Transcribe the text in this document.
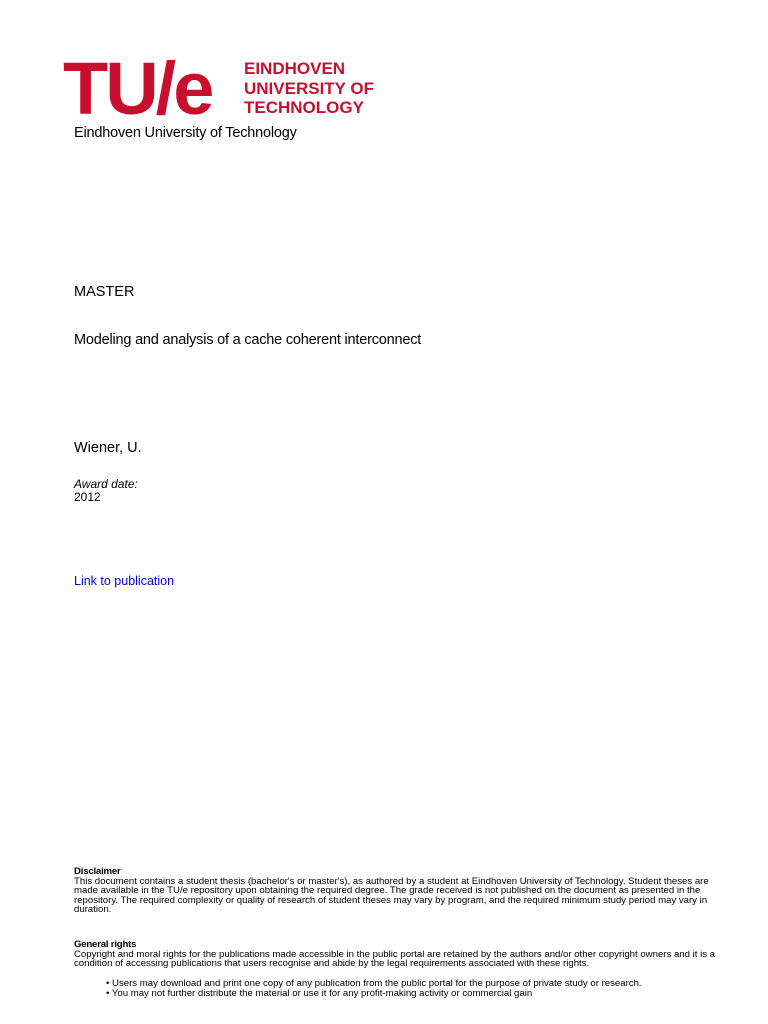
TU/e EINDHOVEN
UNIVERSITY OF
TECHNOLOGY
Eindhoven University of Technology
MASTER
Modeling and analysis of a cache coherent interconnect
Wiener, U.
Award date:
2012
Link to publication
Disclaimer
This document contains a student thesis (bachelor's or master's), as authored by a student at Eindhoven University of Technology. Student theses are made available in the TU/e repository upon obtaining the required degree. The grade received is not published on the document as presented in the repository. The required complexity or quality of research of student theses may vary by program, and the required minimum study period may vary in duration.
General rights
Copyright and moral rights for the publications made accessible in the public portal are retained by the authors and/or other copyright owners and it is a condition of accessing publications that users recognise and abide by the legal requirements associated with these rights.
• Users may download and print one copy of any publication from the public portal for the purpose of private study or research.
• You may not further distribute the material or use it for any profit-making activity or commercial gain
